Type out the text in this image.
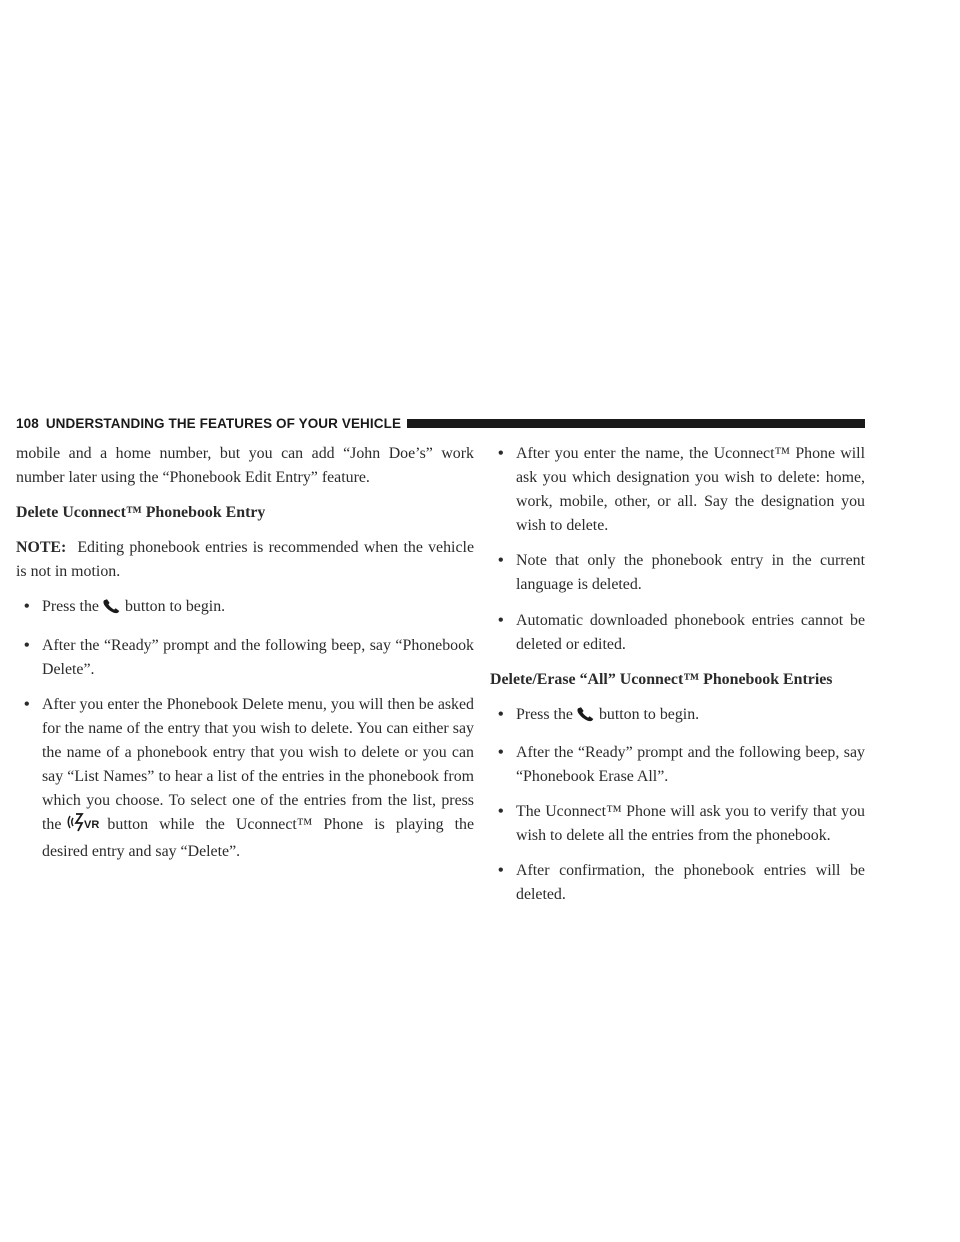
108 UNDERSTANDING THE FEATURES OF YOUR VEHICLE

mobile and a home number, but you can add “John Doe’s” work number later using the “Phonebook Edit Entry” feature.

Delete Uconnect™ Phonebook Entry

NOTE: Editing phonebook entries is recommended when the vehicle is not in motion.

• Press the button to begin.
• After the “Ready” prompt and the following beep, say “Phonebook Delete”.
• After you enter the Phonebook Delete menu, you will then be asked for the name of the entry that you wish to delete. You can either say the name of a phonebook entry that you wish to delete or you can say “List Names” to hear a list of the entries in the phonebook from which you choose. To select one of the entries from the list, press the VR button while the Uconnect™ Phone is playing the desired entry and say “Delete”.
• After you enter the name, the Uconnect™ Phone will ask you which designation you wish to delete: home, work, mobile, other, or all. Say the designation you wish to delete.
• Note that only the phonebook entry in the current language is deleted.
• Automatic downloaded phonebook entries cannot be deleted or edited.

Delete/Erase “All” Uconnect™ Phonebook Entries

• Press the button to begin.
• After the “Ready” prompt and the following beep, say “Phonebook Erase All”.
• The Uconnect™ Phone will ask you to verify that you wish to delete all the entries from the phonebook.
• After confirmation, the phonebook entries will be deleted.
